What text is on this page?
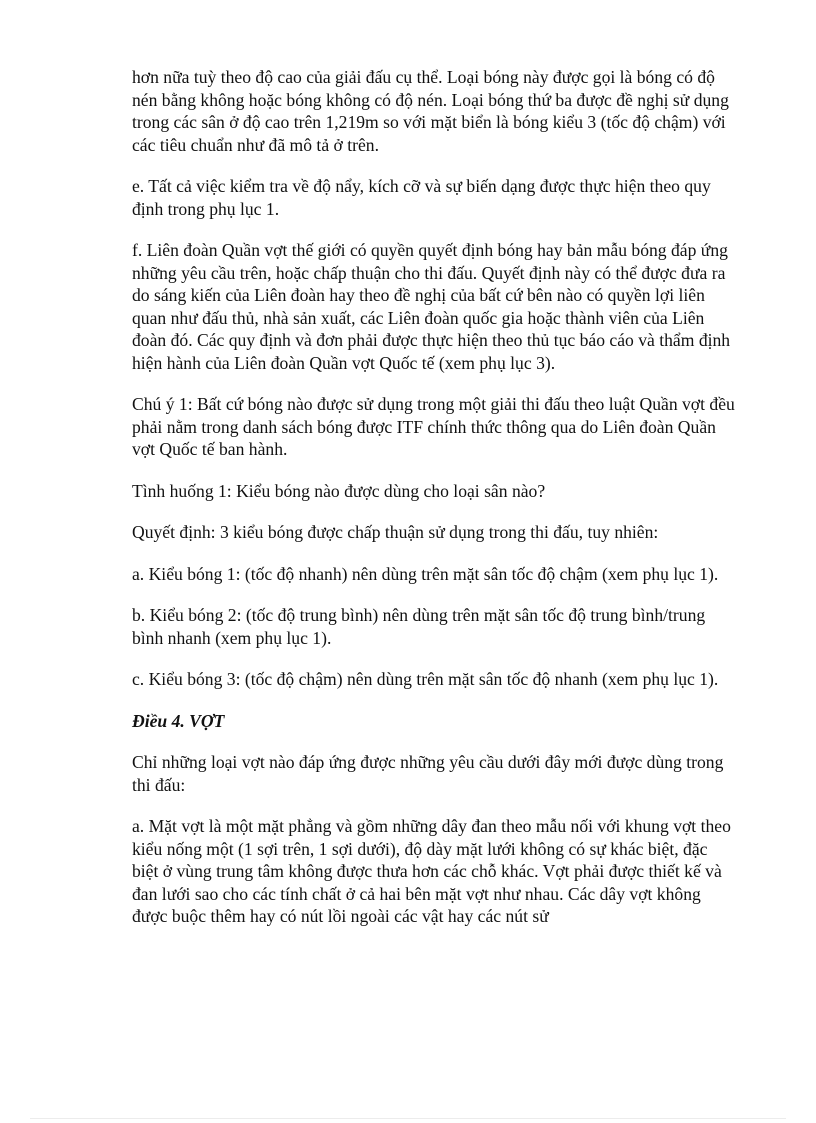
hơn nữa tuỳ theo độ cao của giải đấu cụ thể. Loại bóng này được gọi là bóng có độ nén bằng không hoặc bóng không có độ nén. Loại bóng thứ ba được đề nghị sử dụng trong các sân ở độ cao trên 1,219m so với mặt biển là bóng kiểu 3 (tốc độ chậm) với các tiêu chuẩn như đã mô tả ở trên.

e. Tất cả việc kiểm tra về độ nẩy, kích cỡ và sự biến dạng được thực hiện theo quy định trong phụ lục 1.

f. Liên đoàn Quần vợt thế giới có quyền quyết định bóng hay bản mẫu bóng đáp ứng những yêu cầu trên, hoặc chấp thuận cho thi đấu. Quyết định này có thể được đưa ra do sáng kiến của Liên đoàn hay theo đề nghị của bất cứ bên nào có quyền lợi liên quan như đấu thủ, nhà sản xuất, các Liên đoàn quốc gia hoặc thành viên của Liên đoàn đó. Các quy định và đơn phải được thực hiện theo thủ tục báo cáo và thẩm định hiện hành của Liên đoàn Quần vợt Quốc tế (xem phụ lục 3).

Chú ý 1: Bất cứ bóng nào được sử dụng trong một giải thi đấu theo luật Quần vợt đều phải nằm trong danh sách bóng được ITF chính thức thông qua do Liên đoàn Quần vợt Quốc tế ban hành.

Tình huống 1: Kiểu bóng nào được dùng cho loại sân nào?

Quyết định: 3 kiểu bóng được chấp thuận sử dụng trong thi đấu, tuy nhiên:

a. Kiểu bóng 1: (tốc độ nhanh) nên dùng trên mặt sân tốc độ chậm (xem phụ lục 1).

b. Kiểu bóng 2: (tốc độ trung bình) nên dùng trên mặt sân tốc độ trung bình/trung bình nhanh (xem phụ lục 1).

c. Kiểu bóng 3: (tốc độ chậm) nên dùng trên mặt sân tốc độ nhanh (xem phụ lục 1).

Điều 4. VỢT

Chỉ những loại vợt nào đáp ứng được những yêu cầu dưới đây mới được dùng trong thi đấu:

a. Mặt vợt là một mặt phẳng và gồm những dây đan theo mẫu nối với khung vợt theo kiểu nống một (1 sợi trên, 1 sợi dưới), độ dày mặt lưới không có sự khác biệt, đặc biệt ở vùng trung tâm không được thưa hơn các chỗ khác. Vợt phải được thiết kế và đan lưới sao cho các tính chất ở cả hai bên mặt vợt như nhau. Các dây vợt không được buộc thêm hay có nút lồi ngoài các vật hay các nút sử
